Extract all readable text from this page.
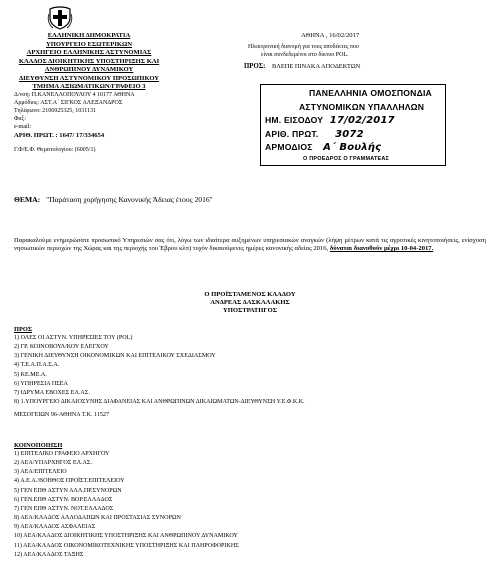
ΕΛΛΗΝΙΚΗ ΔΗΜΟΚΡΑΤΙΑ
ΥΠΟΥΡΓΕΙΟ ΕΣΩΤΕΡΙΚΩΝ
ΑΡΧΗΓΕΙΟ ΕΛΛΗΝΙΚΗΣ ΑΣΤΥΝΟΜΙΑΣ
ΚΛΑΔΟΣ ΔΙΟΙΚΗΤΙΚΗΣ ΥΠΟΣΤΗΡΙΞΗΣ ΚΑΙ
ΑΝΘΡΩΠΙΝΟΥ ΔΥΝΑΜΙΚΟΥ
ΔΙΕΥΘΥΝΣΗ ΑΣΤΥΝΟΜΙΚΟΥ ΠΡΟΣΩΠΙΚΟΥ
ΤΜΗΜΑ ΑΞΙΩΜΑΤΙΚΩΝ/ΓΡΑΦΕΙΟ 3
Δ/νση: Π.ΚΑΝΕΛΛΟΠΟΥΛΟΥ 4 10177 ΑΘΗΝΑ
Αρμόδιος: ΑΣΤ.Α΄ ΣΙΓΚΟΣ ΑΛΕΞΑΝΔΡΟΣ
Τηλέφωνο: 2106925325, 1031131
Φαξ:
e-mail:
ΑΡΙΘ. ΠΡΩΤ. : 1647/ 17/334654
Γ.Φ/Ε.Φ. Θεματολογίου: (6005/1)
ΑΘΗΝΑ , 16/02/2017
Ηλεκτρονική διανομή για τους αποδέκτες που
είναι συνδεδεμένοι στο δίκτυο POL.
ΠΡΟΣ: ΒΛΕΠΕ ΠΙΝΑΚΑ ΑΠΟΔΕΚΤΩΝ
ΠΑΝΕΛΛΗΝΙΑ ΟΜΟΣΠΟΝΔΙΑ
ΑΣΤΥΝΟΜΙΚΩΝ ΥΠΑΛΛΗΛΩΝ
ΗΜ. ΕΙΣΟΔΟΥ 17/02/2017
ΑΡΙΘ. ΠΡΩΤ. 3072
ΑΡΜΟΔΙΟΣ Α΄ Βουλής
Ο ΠΡΟΕΔΡΟΣ Ο ΓΡΑΜΜΑΤΕΑΣ
ΘΕΜΑ: "Παράταση χορήγησης Κανονικής Άδειας έτους 2016"
Παρακαλούμε ενημερώσατε προσωπικό Υπηρεσιών σας ότι, λόγω των ιδιαίτερα αυξημένων υπηρεσιακών αναγκών (λήψη μέτρων κατά τις αγροτικές κινητοποιήσεις, ενίσχυση νησιωτικών περιοχών της Χώρας και της περιοχής του Έβρου κλπ) τυχόν δικαιούμενες ημέρες κανονικής αδείας 2016, δύναται διανυθούν μέχρι 10-04-2017.
Ο ΠΡΟΪΣΤΑΜΕΝΟΣ ΚΛΑΔΟΥ
ΑΝΔΡΕΑΣ ΔΑΣΚΑΛΑΚΗΣ
ΥΠΟΣΤΡΑΤΗΓΟΣ
ΠΡΟΣ
1) ΟΛΕΣ ΟΙ ΑΣΤΥΝ. ΥΠΗΡΕΣΙΕΣ ΤΟΥ (POL)
2) ΓΡ. ΚΟΙΝΟΒΟΥΛ/ΚΟΥ ΕΛΕΓΧΟΥ
3) ΓΕΝΙΚΗ ΔΙΕΥΘΥΝΣΗ ΟΙΚΟΝΟΜΙΚΩΝ ΚΑΙ ΕΠΙΤΕΛΙΚΟΥ ΣΧΕΔΙΑΣΜΟΥ
4) Τ.Ε.Α.Π.Α.Σ.Α.
5) ΚΕ.ΜΕ.Α.
6) ΥΠΗΡΕΣΙΑ ΠΣΕΑ
7) ΙΔΡΥΜΑ ΕΒΟΧΕΣ ΕΛ.ΑΣ.
8) 1.ΥΠΟΥΡΓΕΙΟ ΔΙΚΑΙΟΣΥΝΗΣ ΔΙΑΦΑΝΕΙΑΣ ΚΑΙ ΑΝΘΡΩΠΙΝΩΝ ΔΙΚΑΙΩΜΑΤΩΝ-ΔΙΕΥΘΥΝΣΗ Υ.Ε.Φ.Κ.Κ.
ΜΕΣΟΓΕΙΩΝ 96-ΑΘΗΝΑ Τ.Κ. 11527
ΚΟΙΝΟΠΟΙΗΣΗ
1) ΕΠΙΤΕΛΙΚΟ ΓΡΑΦΕΙΟ ΑΡΧΗΓΟΥ
2) ΑΕΑ/ΥΠΑΡΧΗΓΟΣ ΕΛ.ΑΣ.
3) ΑΕΑ/ΕΠΙΤΕΛΕΙΟ
4) Α.Ε.Α./ΒΟΗΘΟΣ ΠΡΟΪΣΤ.ΕΠΙΤΕΛΕΙΟΥ
5) ΓΕΝ ΕΠΘ ΑΣΤΥΝ ΑΛΛ.ΠΡ.ΣΥΝΟΡΩΝ
6) ΓΕΝ.ΕΠΘ ΑΣΤΥΝ. ΒΟΡ.ΕΛΛΑΔΟΣ
7) ΓΕΝ ΕΠΘ ΑΣΤΥΝ. ΝΟΤ.ΕΛΛΑΔΟΣ
8) ΑΕΑ/ΚΛΑΔΟΣ ΑΛΛΟΔΑΠΩΝ ΚΑΙ ΠΡΟΣΤΑΣΙΑΣ ΣΥΝΟΡΩΝ
9) ΑΕΑ/ΚΛΑΔΟΣ ΑΣΦΑΛΕΙΑΣ
10) ΑΕΑ/ΚΛΑΔΟΣ ΔΙΟΙΚΗΤΙΚΗΣ ΥΠΟΣΤΗΡΙΞΗΣ ΚΑΙ ΑΝΘΡΩΠΙΝΟΥ ΔΥΝΑΜΙΚΟΥ
11) ΑΕΑ/ΚΛΑΔΟΣ ΟΙΚΟΝΟΜΙΚΟΤΕΧΝΙΚΗΣ ΥΠΟΣΤΗΡΙΞΗΣ ΚΑΙ ΠΛΗΡΟΦΟΡΙΚΗΣ
12) ΑΕΑ/ΚΛΑΔΟΣ ΤΑΞΗΣ
